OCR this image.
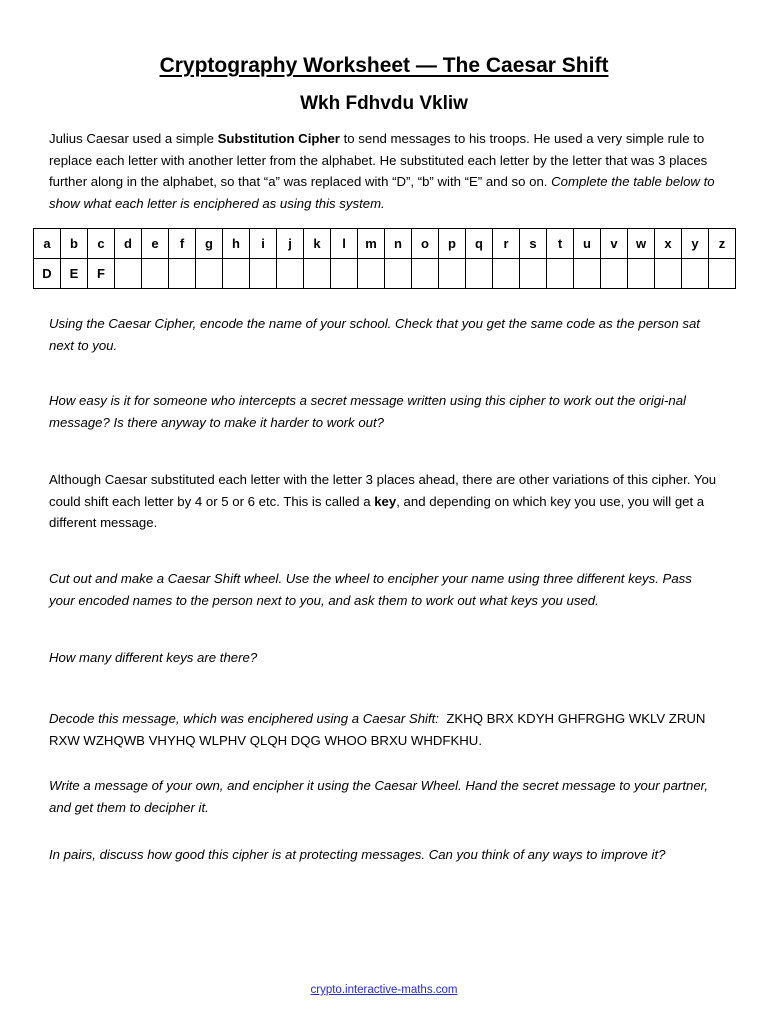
Cryptography Worksheet — The Caesar Shift
Wkh Fdhvdu Vkliw
Julius Caesar used a simple Substitution Cipher to send messages to his troops. He used a very simple rule to replace each letter with another letter from the alphabet. He substituted each letter by the letter that was 3 places further along in the alphabet, so that “a” was replaced with “D”, “b” with “E” and so on. Complete the table below to show what each letter is enciphered as using this system.
a	b	c	d	e	f	g	h	i	j	k	l	m	n	o	p	q	r	s	t	u	v	w	x	y	z
D	E	F																							
Using the Caesar Cipher, encode the name of your school. Check that you get the same code as the person sat next to you.
How easy is it for someone who intercepts a secret message written using this cipher to work out the origi-nal message? Is there anyway to make it harder to work out?
Although Caesar substituted each letter with the letter 3 places ahead, there are other variations of this cipher. You could shift each letter by 4 or 5 or 6 etc. This is called a key, and depending on which key you use, you will get a different message.
Cut out and make a Caesar Shift wheel. Use the wheel to encipher your name using three different keys. Pass your encoded names to the person next to you, and ask them to work out what keys you used.
How many different keys are there?
Decode this message, which was enciphered using a Caesar Shift: ZKHQ BRX KDYH GHFRGHG WKLV ZRUN RXW WZHQWB VHYHQ WLPHV QLQH DQG WHOO BRXU WHDFKHU.
Write a message of your own, and encipher it using the Caesar Wheel. Hand the secret message to your partner, and get them to decipher it.
In pairs, discuss how good this cipher is at protecting messages. Can you think of any ways to improve it?
crypto.interactive-maths.com
